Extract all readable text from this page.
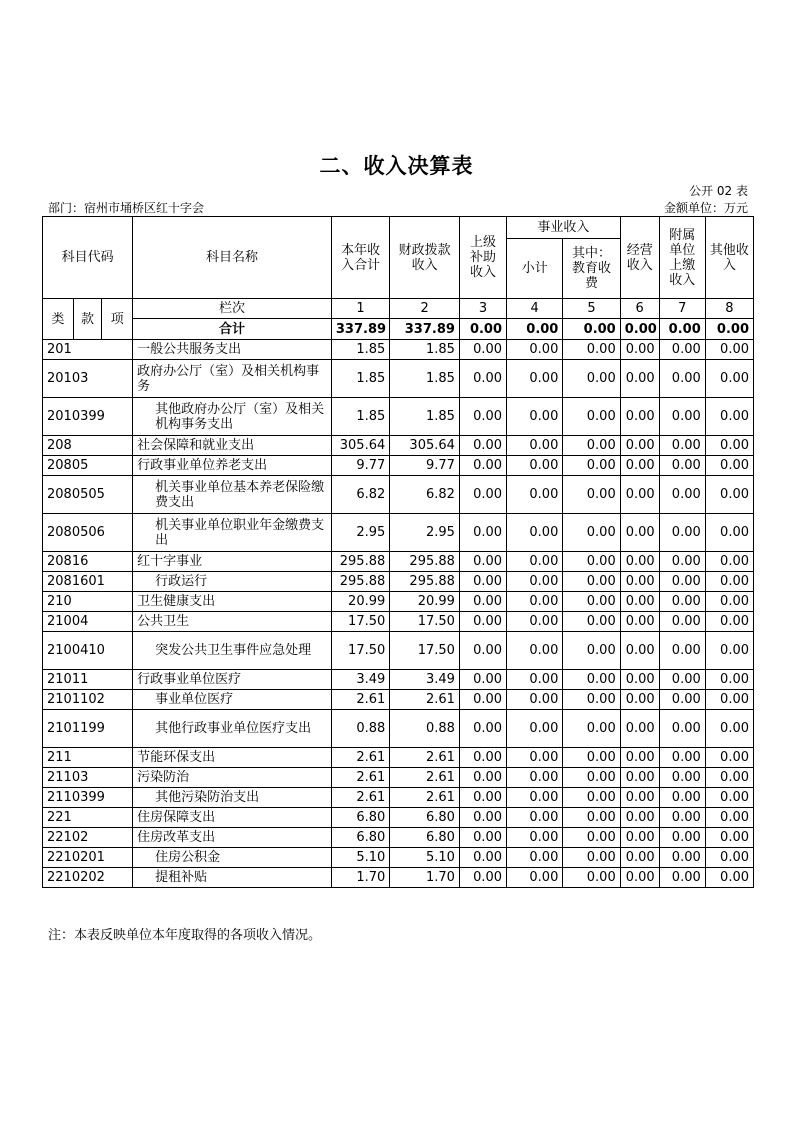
二、收入决算表
公开 02 表
部门：宿州市埇桥区红十字会	金额单位：万元
科目代码			科目名称	本年收入合计	财政拨款收入	上级补助收入	事业收入		经营收入	附属单位上缴收入	其他收入
							小计	其中：教育收费			

类	款	项	栏次	1	2	3	4	5	6	7	8
			合计	337.89	337.89	0.00	0.00	0.00	0.00	0.00	0.00
201			一般公共服务支出	1.85	1.85	0.00	0.00	0.00	0.00	0.00	0.00
20103			政府办公厅（室）及相关机构事务	1.85	1.85	0.00	0.00	0.00	0.00	0.00	0.00
2010399			其他政府办公厅（室）及相关机构事务支出	1.85	1.85	0.00	0.00	0.00	0.00	0.00	0.00
208			社会保障和就业支出	305.64	305.64	0.00	0.00	0.00	0.00	0.00	0.00
20805			行政事业单位养老支出	9.77	9.77	0.00	0.00	0.00	0.00	0.00	0.00
2080505			机关事业单位基本养老保险缴费支出	6.82	6.82	0.00	0.00	0.00	0.00	0.00	0.00
2080506			机关事业单位职业年金缴费支出	2.95	2.95	0.00	0.00	0.00	0.00	0.00	0.00
20816			红十字事业	295.88	295.88	0.00	0.00	0.00	0.00	0.00	0.00
2081601			行政运行	295.88	295.88	0.00	0.00	0.00	0.00	0.00	0.00
210			卫生健康支出	20.99	20.99	0.00	0.00	0.00	0.00	0.00	0.00
21004			公共卫生	17.50	17.50	0.00	0.00	0.00	0.00	0.00	0.00
2100410			突发公共卫生事件应急处理	17.50	17.50	0.00	0.00	0.00	0.00	0.00	0.00
21011			行政事业单位医疗	3.49	3.49	0.00	0.00	0.00	0.00	0.00	0.00
2101102			事业单位医疗	2.61	2.61	0.00	0.00	0.00	0.00	0.00	0.00
2101199			其他行政事业单位医疗支出	0.88	0.88	0.00	0.00	0.00	0.00	0.00	0.00
211			节能环保支出	2.61	2.61	0.00	0.00	0.00	0.00	0.00	0.00
21103			污染防治	2.61	2.61	0.00	0.00	0.00	0.00	0.00	0.00
2110399			其他污染防治支出	2.61	2.61	0.00	0.00	0.00	0.00	0.00	0.00
221			住房保障支出	6.80	6.80	0.00	0.00	0.00	0.00	0.00	0.00
22102			住房改革支出	6.80	6.80	0.00	0.00	0.00	0.00	0.00	0.00
2210201			住房公积金	5.10	5.10	0.00	0.00	0.00	0.00	0.00	0.00
2210202			提租补贴	1.70	1.70	0.00	0.00	0.00	0.00	0.00	0.00
注：本表反映单位本年度取得的各项收入情况。
